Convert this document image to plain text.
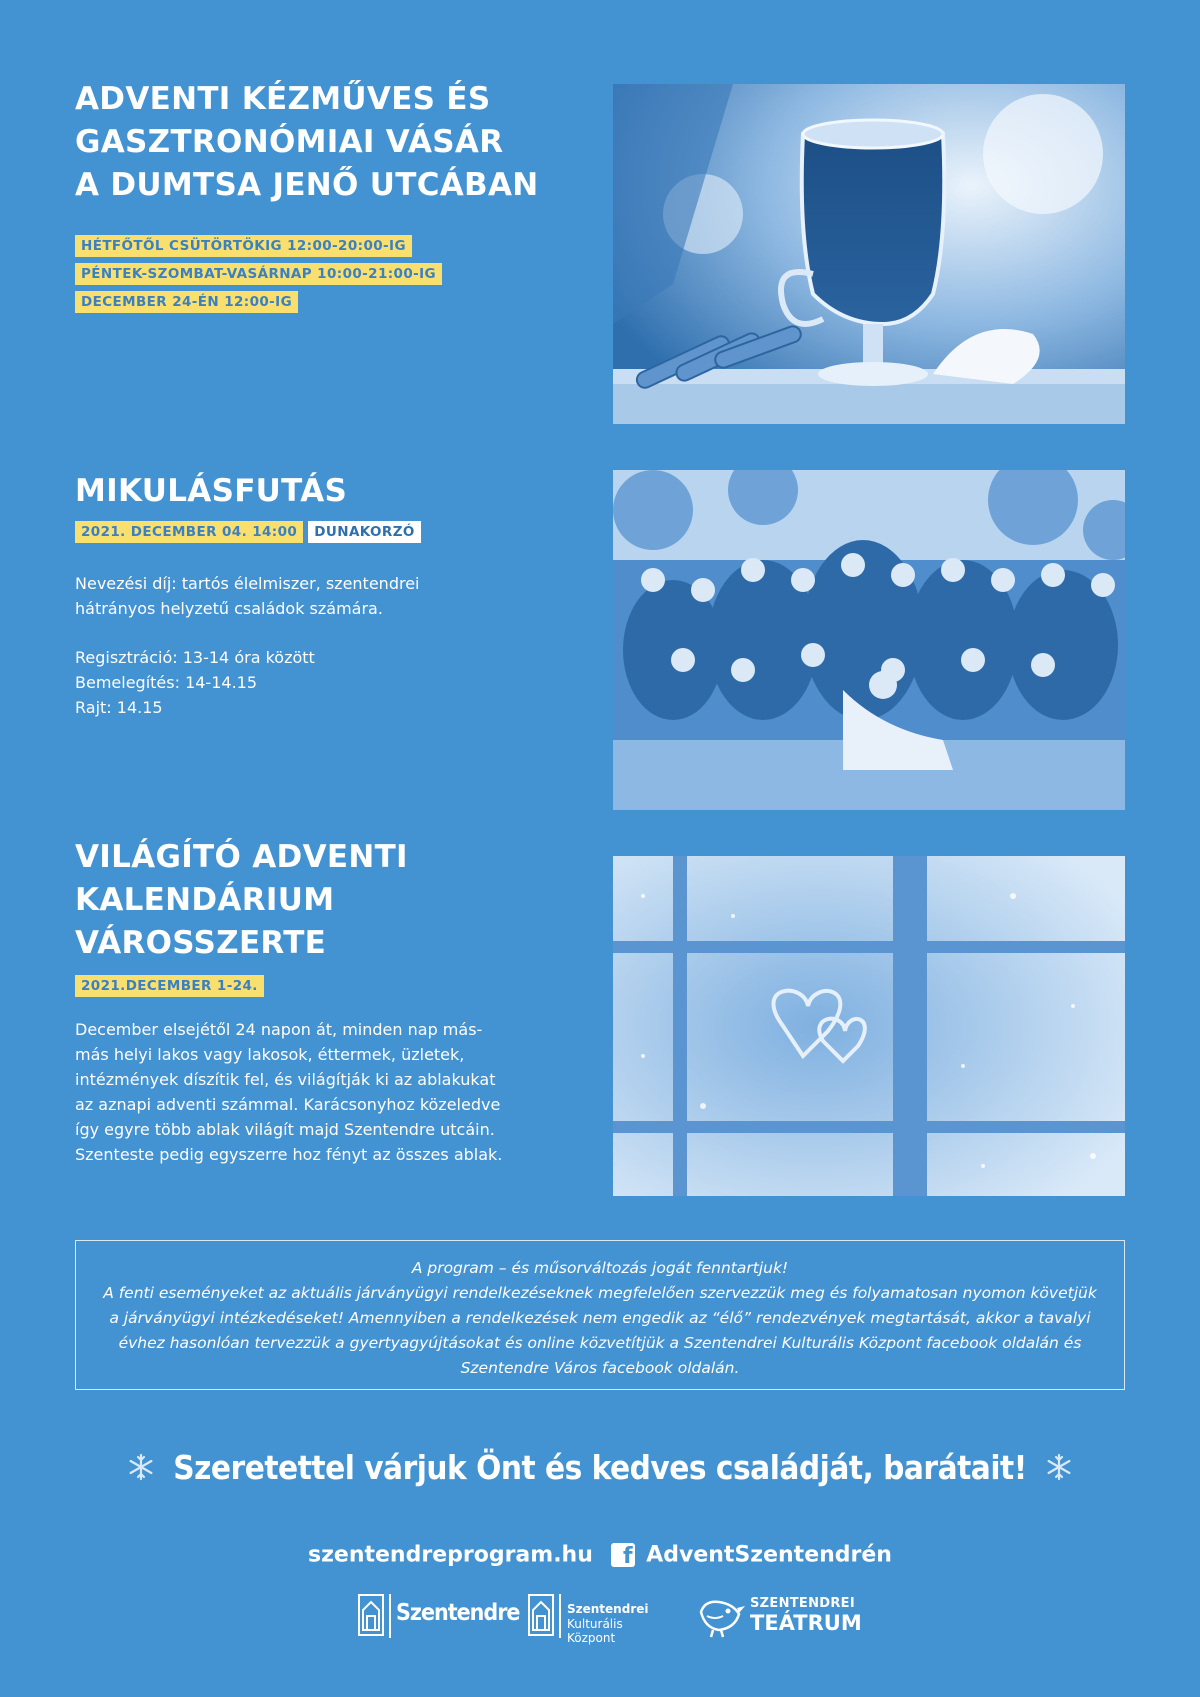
ADVENTI KÉZMŰVES ÉS
GASZTRONÓMIAI VÁSÁR
A DUMTSA JENŐ UTCÁBAN
HÉTFŐTŐL CSÜTÖRTÖKIG 12:00-20:00-IG
PÉNTEK-SZOMBAT-VASÁRNAP 10:00-21:00-IG
DECEMBER 24-ÉN 12:00-IG
MIKULÁSFUTÁS
2021. DECEMBER 04. 14:00 DUNAKORZÓ

Nevezési díj: tartós élelmiszer, szentendrei

hátrányos helyzetű családok számára.

Regisztráció: 13-14 óra között

Bemelegítés: 14-14.15

Rajt: 14.15

VILÁGÍTÓ ADVENTI
KALENDÁRIUM VÁROSSZERTE
2021.DECEMBER 1-24.

December elsejétől 24 napon át, minden nap más-

más helyi lakos vagy lakosok, éttermek, üzletek,

intézmények díszítik fel, és világítják ki az ablakukat

az aznapi adventi számmal. Karácsonyhoz közeledve

így egyre több ablak világít majd Szentendre utcáin.

Szenteste pedig egyszerre hoz fényt az összes ablak.

A program – és műsorváltozás jogát fenntartjuk!

A fenti eseményeket az aktuális járványügyi rendelkezéseknek megfelelően szervezzük meg és folyamatosan nyomon követjük

a járványügyi intézkedéseket! Amennyiben a rendelkezések nem engedik az “élő” rendezvények megtartását, akkor a tavalyi

évhez hasonlóan tervezzük a gyertyagyújtásokat és online közvetítjük a Szentendrei Kulturális Központ facebook oldalán és

Szentendre Város facebook oldalán.

Szeretettel várjuk Önt és kedves családját, barátait!
szentendreprogram.hu f AdventSzentendrén
Szentendre	Szentendrei
Kulturális Központ
SZENTENDREI
TEÁTRUM
